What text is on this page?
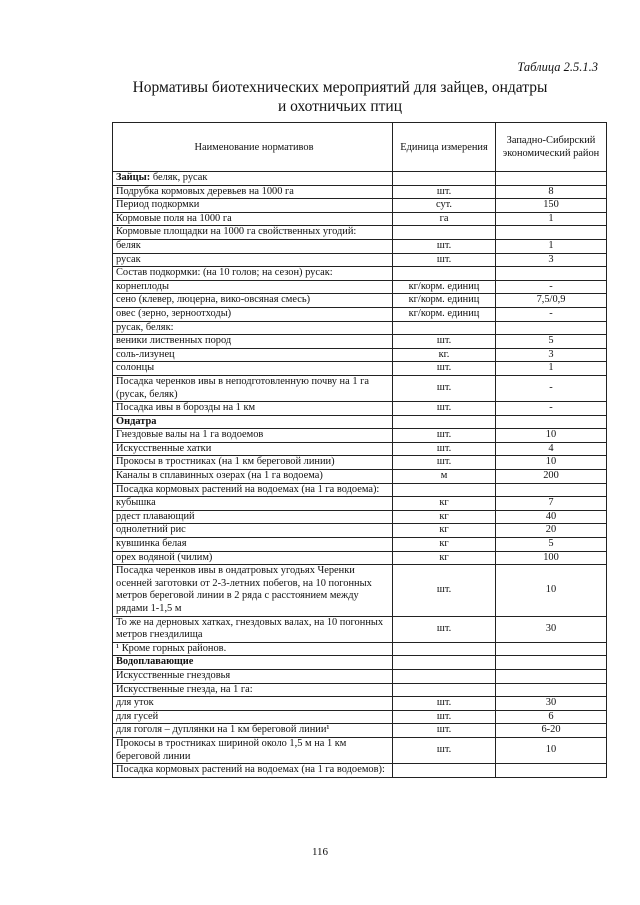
Таблица 2.5.1.3
Нормативы биотехнических мероприятий для зайцев, ондатры
и охотничьих птиц
Наименование нормативов	Единица измерения	Западно-Сибирский экономический район
Зайцы: беляк, русак		
Подрубка кормовых деревьев на 1000 га	шт.	8
Период подкормки	сут.	150
Кормовые поля на 1000 га	га	1
Кормовые площадки на 1000 га свойственных угодий:		
беляк	шт.	1
русак	шт.	3
Состав подкормки: (на 10 голов; на сезон) русак:		
корнеплоды	кг/корм. единиц	-
сено (клевер, люцерна, вико-овсяная смесь)	кг/корм. единиц	7,5/0,9
овес (зерно, зерноотходы)	кг/корм. единиц	-
русак, беляк:		
веники лиственных пород	шт.	5
соль-лизунец	кг.	3
солонцы	шт.	1
Посадка черенков ивы в неподготовленную почву на 1 га (русак, беляк)	шт.	-
Посадка ивы в борозды на 1 км	шт.	-
Ондатра		
Гнездовые валы на 1 га водоемов	шт.	10
Искусственные хатки	шт.	4
Прокосы в тростниках (на 1 км береговой линии)	шт.	10
Каналы в сплавинных озерах (на 1 га водоема)	м	200
Посадка кормовых растений на водоемах (на 1 га водоема):		
кубышка	кг	7
рдест плавающий	кг	40
однолетний рис	кг	20
кувшинка белая	кг	5
орех водяной (чилим)	кг	100
Посадка черенков ивы в ондатровых угодьях Черенки осенней заготовки от 2-3-летних побегов, на 10 погонных метров береговой линии в 2 ряда с расстоянием между рядами 1-1,5 м	шт.	10
То же на дерновых хатках, гнездовых валах, на 10 погонных метров гнездилища	шт.	30
¹ Кроме горных районов.		
Водоплавающие		
Искусственные гнездовья		
Искусственные гнезда, на 1 га:		
для уток	шт.	30
для гусей	шт.	6
для гоголя – дуплянки на 1 км береговой линии¹	шт.	6-20
Прокосы в тростниках шириной около 1,5 м на 1 км береговой линии	шт.	10
Посадка кормовых растений на водоемах (на 1 га водоемов):		
116
